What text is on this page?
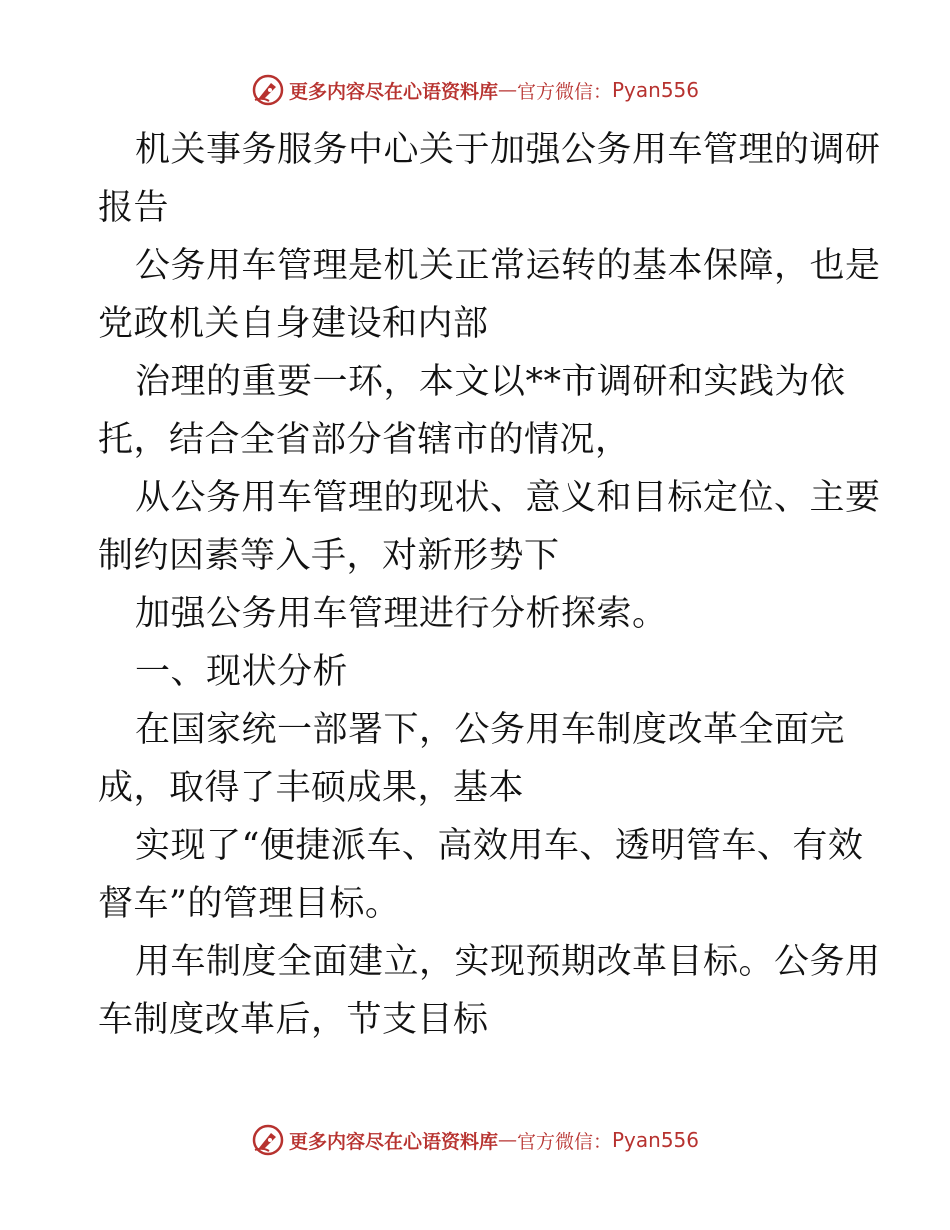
更多内容尽在心语资料库 — 官方微信： Pyan556
机关事务服务中心关于加强公务用车管理的调研
报告
公务用车管理是机关正常运转的基本保障，也是
党政机关自身建设和内部
治理的重要一环，本文以**市调研和实践为依
托，结合全省部分省辖市的情况，
从公务用车管理的现状、意义和目标定位、主要
制约因素等入手，对新形势下
加强公务用车管理进行分析探索。
一、现状分析
在国家统一部署下，公务用车制度改革全面完
成，取得了丰硕成果，基本
实现了“便捷派车、高效用车、透明管车、有效
督车”的管理目标。
用车制度全面建立，实现预期改革目标。公务用
车制度改革后，节支目标
更多内容尽在心语资料库 — 官方微信： Pyan556
